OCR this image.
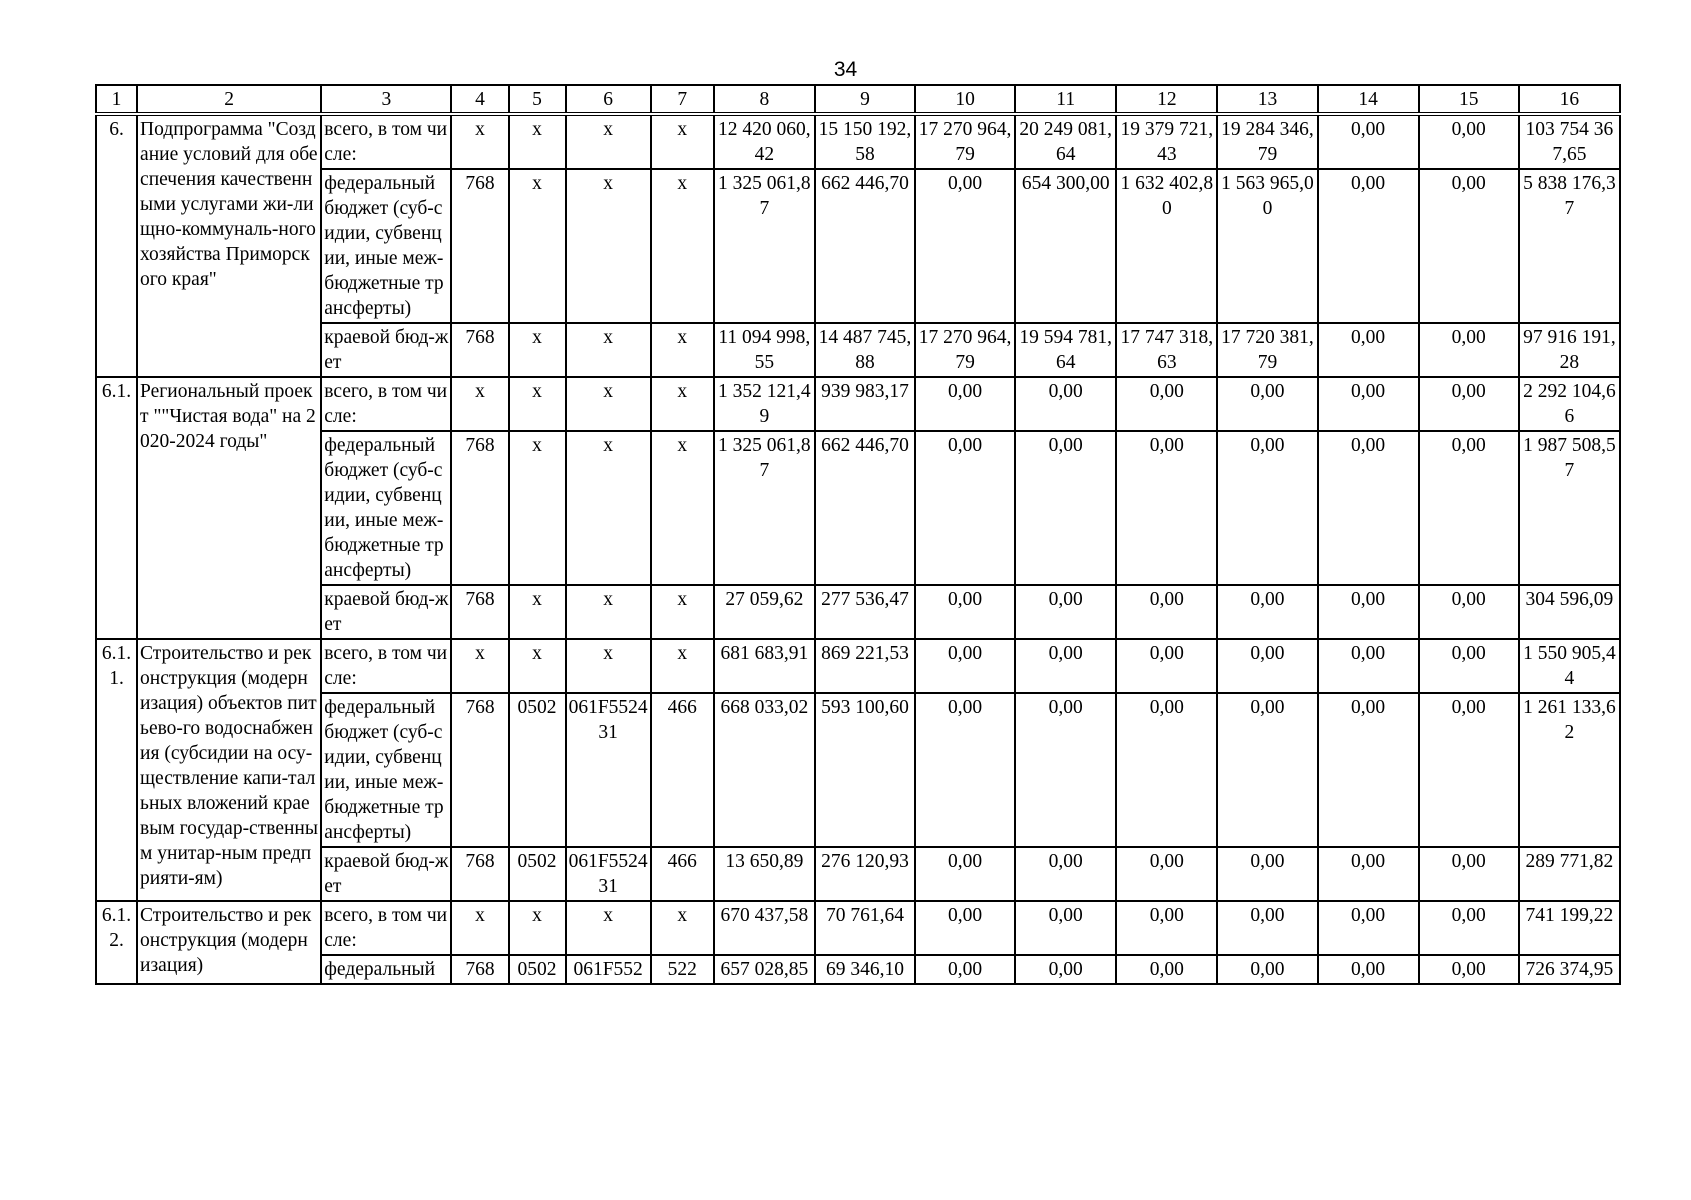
34
1	2	3	4	5	6	7	8	9	10	11	12	13	14	15	16
6.	Подпрограмма "Создание условий для обеспечения качественными услугами жи-лищно-коммуналь-ного хозяйства Приморского края"	всего, в том числе:	x	x	x	x	12 420 060,42	15 150 192,58	17 270 964,79	20 249 081,64	19 379 721,43	19 284 346,79	0,00	0,00	103 754 367,65
		федеральный бюджет (суб-сидии, субвенции, иные меж-бюджетные трансферты)	768	x	x	x	1 325 061,87	662 446,70	0,00	654 300,00	1 632 402,80	1 563 965,00	0,00	0,00	5 838 176,37
		краевой бюд-жет	768	x	x	x	11 094 998,55	14 487 745,88	17 270 964,79	19 594 781,64	17 747 318,63	17 720 381,79	0,00	0,00	97 916 191,28
6.1.	Региональный проект ""Чистая вода" на 2020-2024 годы"	всего, в том числе:	x	x	x	x	1 352 121,49	939 983,17	0,00	0,00	0,00	0,00	0,00	0,00	2 292 104,66
		федеральный бюджет (суб-сидии, субвенции, иные меж-бюджетные трансферты)	768	x	x	x	1 325 061,87	662 446,70	0,00	0,00	0,00	0,00	0,00	0,00	1 987 508,57
		краевой бюд-жет	768	x	x	x	27 059,62	277 536,47	0,00	0,00	0,00	0,00	0,00	0,00	304 596,09
6.1. 1.	Строительство и реконструкция (модернизация) объектов питьево-го водоснабжения (субсидии на осу-ществление капи-тальных вложений краевым государ-ственным унитар-ным предприяти-ям)	всего, в том числе:	x	x	x	x	681 683,91	869 221,53	0,00	0,00	0,00	0,00	0,00	0,00	1 550 905,44
		федеральный бюджет (суб-сидии, субвенции, иные меж-бюджетные трансферты)	768	0502	061F552431	466	668 033,02	593 100,60	0,00	0,00	0,00	0,00	0,00	0,00	1 261 133,62
		краевой бюд-жет	768	0502	061F552431	466	13 650,89	276 120,93	0,00	0,00	0,00	0,00	0,00	0,00	289 771,82
6.1. 2.	Строительство и реконструкция (модернизация)	всего, в том числе:	x	x	x	x	670 437,58	70 761,64	0,00	0,00	0,00	0,00	0,00	0,00	741 199,22
		федеральный	768	0502	061F552	522	657 028,85	69 346,10	0,00	0,00	0,00	0,00	0,00	0,00	726 374,95
